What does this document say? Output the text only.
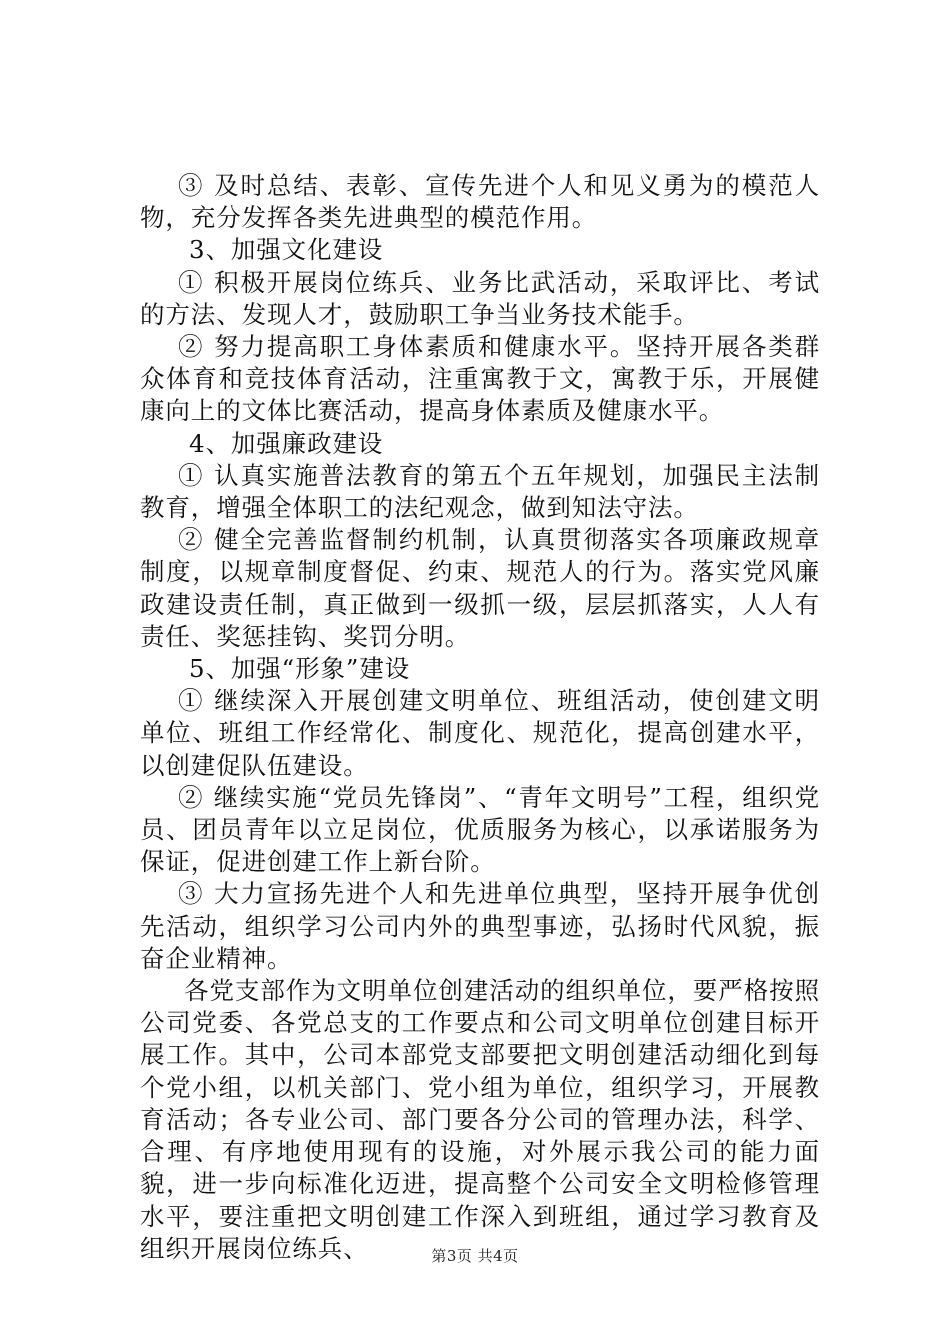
③ 及时总结、表彰、宣传先进个人和见义勇为的模范人物，充分发挥各类先进典型的模范作用。

3、加强文化建设

① 积极开展岗位练兵、业务比武活动，采取评比、考试的方法、发现人才，鼓励职工争当业务技术能手。

② 努力提高职工身体素质和健康水平。坚持开展各类群众体育和竞技体育活动，注重寓教于文，寓教于乐，开展健康向上的文体比赛活动，提高身体素质及健康水平。

4、加强廉政建设

① 认真实施普法教育的第五个五年规划，加强民主法制教育，增强全体职工的法纪观念，做到知法守法。

② 健全完善监督制约机制，认真贯彻落实各项廉政规章制度，以规章制度督促、约束、规范人的行为。落实党风廉政建设责任制，真正做到一级抓一级，层层抓落实，人人有责任、奖惩挂钩、奖罚分明。

5、加强“形象”建设

① 继续深入开展创建文明单位、班组活动，使创建文明单位、班组工作经常化、制度化、规范化，提高创建水平，以创建促队伍建设。

② 继续实施“党员先锋岗”、“青年文明号”工程，组织党员、团员青年以立足岗位，优质服务为核心，以承诺服务为保证，促进创建工作上新台阶。

③ 大力宣扬先进个人和先进单位典型，坚持开展争优创先活动，组织学习公司内外的典型事迹，弘扬时代风貌，振奋企业精神。

各党支部作为文明单位创建活动的组织单位，要严格按照公司党委、各党总支的工作要点和公司文明单位创建目标开展工作。其中，公司本部党支部要把文明创建活动细化到每个党小组，以机关部门、党小组为单位，组织学习，开展教育活动；各专业公司、部门要各分公司的管理办法，科学、合理、有序地使用现有的设施，对外展示我公司的能力面貌，进一步向标准化迈进，提高整个公司安全文明检修管理水平，要注重把文明创建工作深入到班组，通过学习教育及组织开展岗位练兵、	第3页 共4页
